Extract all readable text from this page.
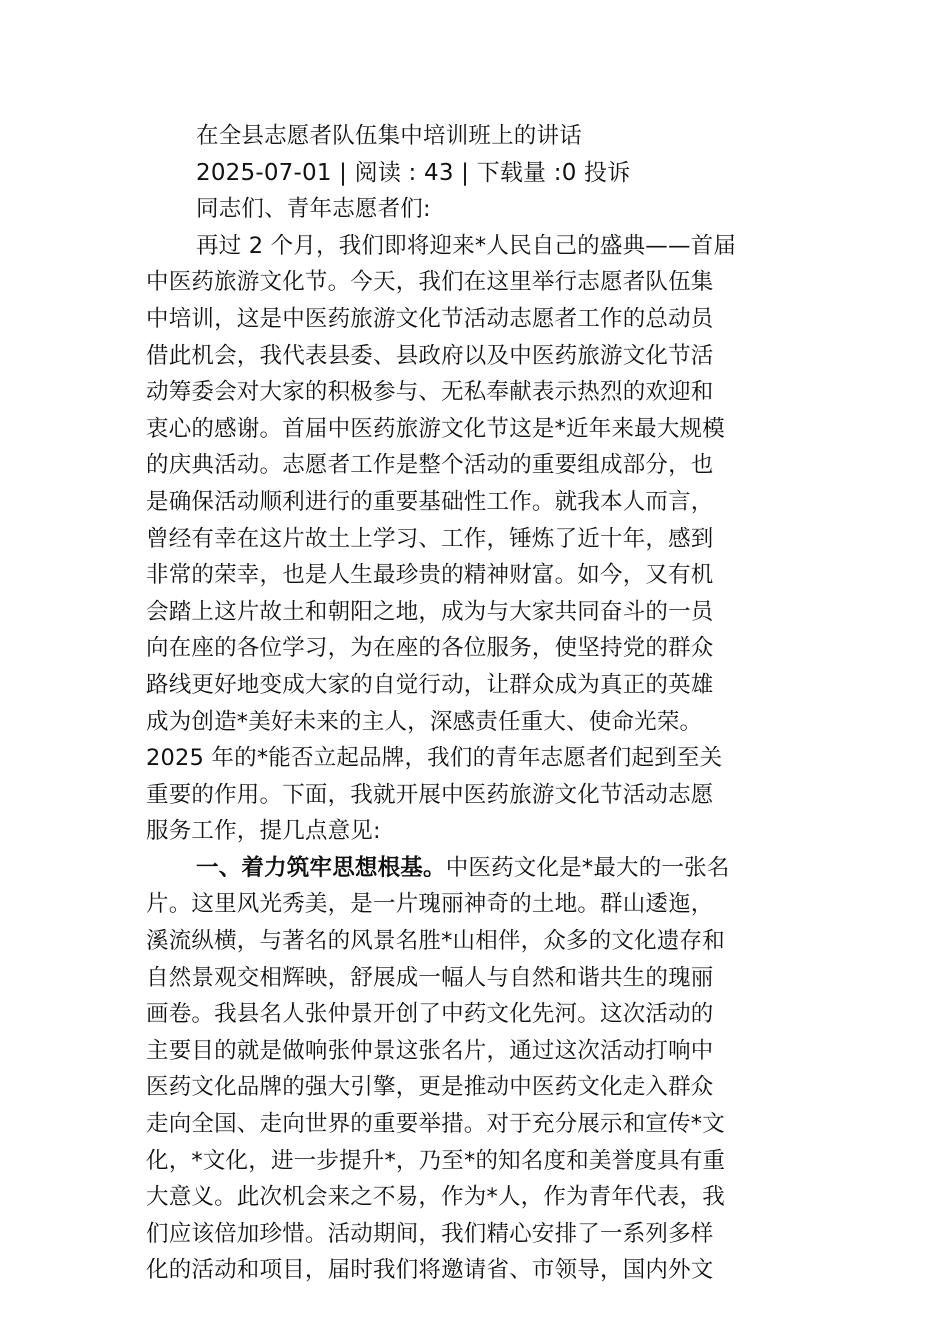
在全县志愿者队伍集中培训班上的讲话
2025-07-01 | 阅读 : 43 | 下载量 :0 投诉
同志们、青年志愿者们:
再过 2 个月，我们即将迎来*人民自己的盛典——首届
中医药旅游文化节。今天，我们在这里举行志愿者队伍集
中培训，这是中医药旅游文化节活动志愿者工作的总动员
借此机会，我代表县委、县政府以及中医药旅游文化节活
动筹委会对大家的积极参与、无私奉献表示热烈的欢迎和
衷心的感谢。首届中医药旅游文化节这是*近年来最大规模
的庆典活动。志愿者工作是整个活动的重要组成部分，也
是确保活动顺利进行的重要基础性工作。就我本人而言，
曾经有幸在这片故土上学习、工作，锤炼了近十年，感到
非常的荣幸，也是人生最珍贵的精神财富。如今，又有机
会踏上这片故土和朝阳之地，成为与大家共同奋斗的一员
向在座的各位学习，为在座的各位服务，使坚持党的群众
路线更好地变成大家的自觉行动，让群众成为真正的英雄
成为创造*美好未来的主人，深感责任重大、使命光荣。
2025 年的*能否立起品牌，我们的青年志愿者们起到至关
重要的作用。下面，我就开展中医药旅游文化节活动志愿
服务工作，提几点意见:
一、着力筑牢思想根基。中医药文化是*最大的一张名
片。这里风光秀美，是一片瑰丽神奇的土地。群山逶迤，
溪流纵横，与著名的风景名胜*山相伴，众多的文化遗存和
自然景观交相辉映，舒展成一幅人与自然和谐共生的瑰丽
画卷。我县名人张仲景开创了中药文化先河。这次活动的
主要目的就是做响张仲景这张名片，通过这次活动打响中
医药文化品牌的强大引擎，更是推动中医药文化走入群众
走向全国、走向世界的重要举措。对于充分展示和宣传*文
化，*文化，进一步提升*，乃至*的知名度和美誉度具有重
大意义。此次机会来之不易，作为*人，作为青年代表，我
们应该倍加珍惜。活动期间，我们精心安排了一系列多样
化的活动和项目，届时我们将邀请省、市领导，国内外文
